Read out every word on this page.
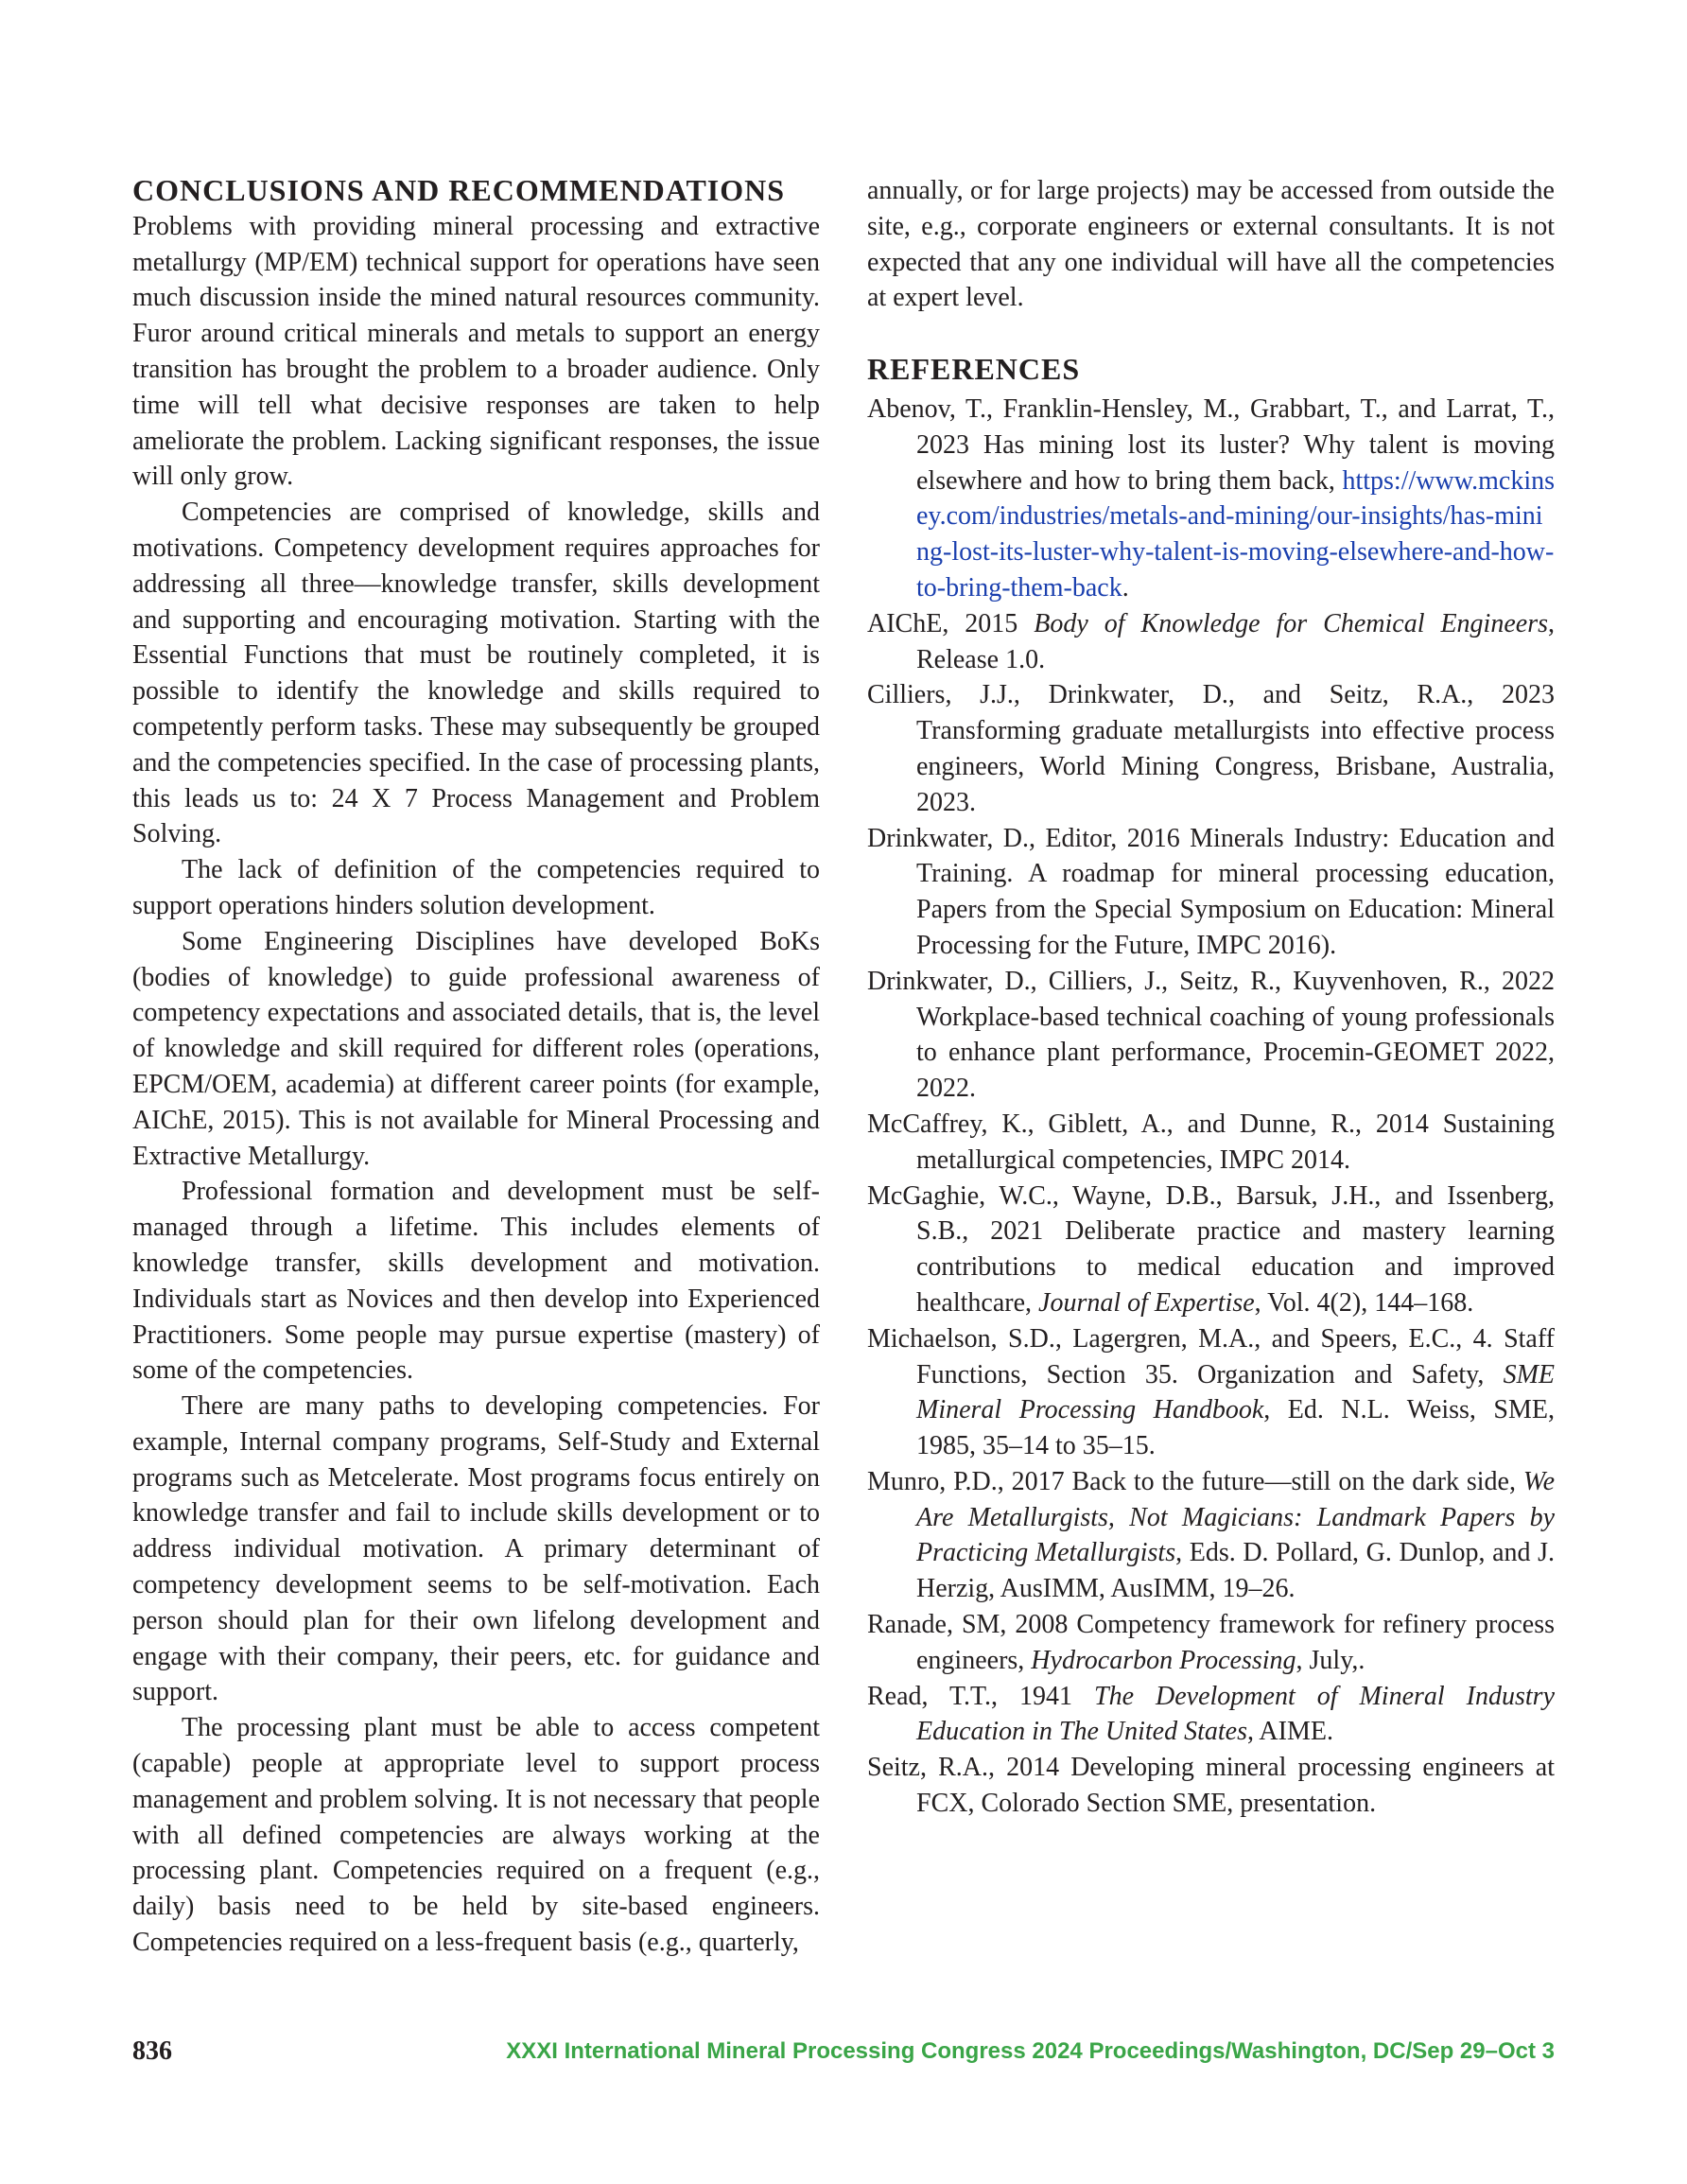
CONCLUSIONS AND RECOMMENDATIONS

Problems with providing mineral processing and extractive metallurgy (MP/EM) technical support for operations have seen much discussion inside the mined natural resources community. Furor around critical minerals and metals to support an energy transition has brought the problem to a broader audience. Only time will tell what decisive responses are taken to help ameliorate the problem. Lacking significant responses, the issue will only grow.

Competencies are comprised of knowledge, skills and motivations. Competency development requires approaches for addressing all three—knowledge transfer, skills development and supporting and encouraging motivation. Starting with the Essential Functions that must be routinely completed, it is possible to identify the knowledge and skills required to competently perform tasks. These may subsequently be grouped and the competencies specified. In the case of processing plants, this leads us to: 24 X 7 Process Management and Problem Solving.

The lack of definition of the competencies required to support operations hinders solution development.

Some Engineering Disciplines have developed BoKs (bodies of knowledge) to guide professional awareness of competency expectations and associated details, that is, the level of knowledge and skill required for different roles (operations, EPCM/OEM, academia) at different career points (for example, AIChE, 2015). This is not available for Mineral Processing and Extractive Metallurgy.

Professional formation and development must be self-managed through a lifetime. This includes elements of knowledge transfer, skills development and motivation. Individuals start as Novices and then develop into Experienced Practitioners. Some people may pursue expertise (mastery) of some of the competencies.

There are many paths to developing competencies. For example, Internal company programs, Self-Study and External programs such as Metcelerate. Most programs focus entirely on knowledge transfer and fail to include skills development or to address individual motivation. A primary determinant of competency development seems to be self-motivation. Each person should plan for their own lifelong development and engage with their company, their peers, etc. for guidance and support.

The processing plant must be able to access competent (capable) people at appropriate level to support process management and problem solving. It is not necessary that people with all defined competencies are always working at the processing plant. Competencies required on a frequent (e.g., daily) basis need to be held by site-based engineers. Competencies required on a less-frequent basis (e.g., quarterly,

annually, or for large projects) may be accessed from outside the site, e.g., corporate engineers or external consultants. It is not expected that any one individual will have all the competencies at expert level.

REFERENCES

Abenov, T., Franklin-Hensley, M., Grabbart, T., and Larrat, T., 2023 Has mining lost its luster? Why talent is moving elsewhere and how to bring them back, https://www.mckinsey.com/industries/metals-and-mining/our-insights/has-mining-lost-its-luster-why-talent-is-moving-elsewhere-and-how-to-bring-them-back.

AIChE, 2015 Body of Knowledge for Chemical Engineers, Release 1.0.

Cilliers, J.J., Drinkwater, D., and Seitz, R.A., 2023 Transforming graduate metallurgists into effective process engineers, World Mining Congress, Brisbane, Australia, 2023.

Drinkwater, D., Editor, 2016 Minerals Industry: Education and Training. A roadmap for mineral processing education, Papers from the Special Symposium on Education: Mineral Processing for the Future, IMPC 2016).

Drinkwater, D., Cilliers, J., Seitz, R., Kuyvenhoven, R., 2022 Workplace-based technical coaching of young professionals to enhance plant performance, Procemin-GEOMET 2022, 2022.

McCaffrey, K., Giblett, A., and Dunne, R., 2014 Sustaining metallurgical competencies, IMPC 2014.

McGaghie, W.C., Wayne, D.B., Barsuk, J.H., and Issenberg, S.B., 2021 Deliberate practice and mastery learning contributions to medical education and improved healthcare, Journal of Expertise, Vol. 4(2), 144–168.

Michaelson, S.D., Lagergren, M.A., and Speers, E.C., 4. Staff Functions, Section 35. Organization and Safety, SME Mineral Processing Handbook, Ed. N.L. Weiss, SME, 1985, 35–14 to 35–15.

Munro, P.D., 2017 Back to the future—still on the dark side, We Are Metallurgists, Not Magicians: Landmark Papers by Practicing Metallurgists, Eds. D. Pollard, G. Dunlop, and J. Herzig, AusIMM, AusIMM, 19–26.

Ranade, SM, 2008 Competency framework for refinery process engineers, Hydrocarbon Processing, July,.

Read, T.T., 1941 The Development of Mineral Industry Education in The United States, AIME.

Seitz, R.A., 2014 Developing mineral processing engineers at FCX, Colorado Section SME, presentation.

836	XXXI International Mineral Processing Congress 2024 Proceedings/Washington, DC/Sep 29–Oct 3
